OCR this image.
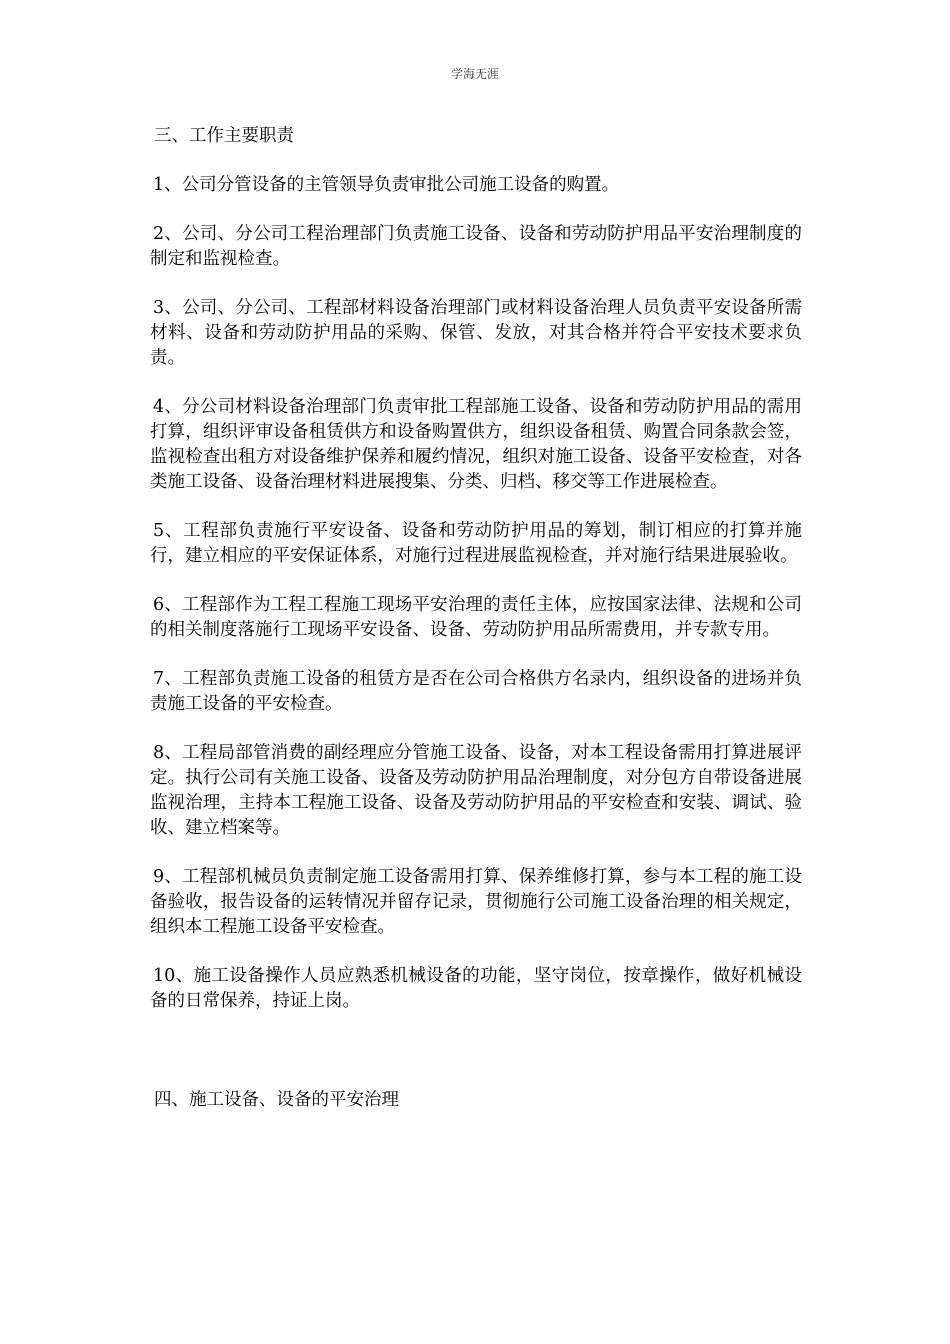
学海无涯

三、工作主要职责

1、公司分管设备的主管领导负责审批公司施工设备的购置。

2、公司、分公司工程治理部门负责施工设备、设备和劳动防护用品平安治理制度的制定和监视检查。

3、公司、分公司、工程部材料设备治理部门或材料设备治理人员负责平安设备所需材料、设备和劳动防护用品的采购、保管、发放，对其合格并符合平安技术要求负责。

4、分公司材料设备治理部门负责审批工程部施工设备、设备和劳动防护用品的需用打算，组织评审设备租赁供方和设备购置供方，组织设备租赁、购置合同条款会签，监视检查出租方对设备维护保养和履约情况，组织对施工设备、设备平安检查，对各类施工设备、设备治理材料进展搜集、分类、归档、移交等工作进展检查。

5、工程部负责施行平安设备、设备和劳动防护用品的筹划，制订相应的打算并施行，建立相应的平安保证体系，对施行过程进展监视检查，并对施行结果进展验收。

6、工程部作为工程工程施工现场平安治理的责任主体，应按国家法律、法规和公司的相关制度落施行工现场平安设备、设备、劳动防护用品所需费用，并专款专用。

7、工程部负责施工设备的租赁方是否在公司合格供方名录内，组织设备的进场并负责施工设备的平安检查。

8、工程局部管消费的副经理应分管施工设备、设备，对本工程设备需用打算进展评定。执行公司有关施工设备、设备及劳动防护用品治理制度，对分包方自带设备进展监视治理，主持本工程施工设备、设备及劳动防护用品的平安检查和安装、调试、验收、建立档案等。

9、工程部机械员负责制定施工设备需用打算、保养维修打算，参与本工程的施工设备验收，报告设备的运转情况并留存记录，贯彻施行公司施工设备治理的相关规定，组织本工程施工设备平安检查。

10、施工设备操作人员应熟悉机械设备的功能，坚守岗位，按章操作，做好机械设备的日常保养，持证上岗。

四、施工设备、设备的平安治理
